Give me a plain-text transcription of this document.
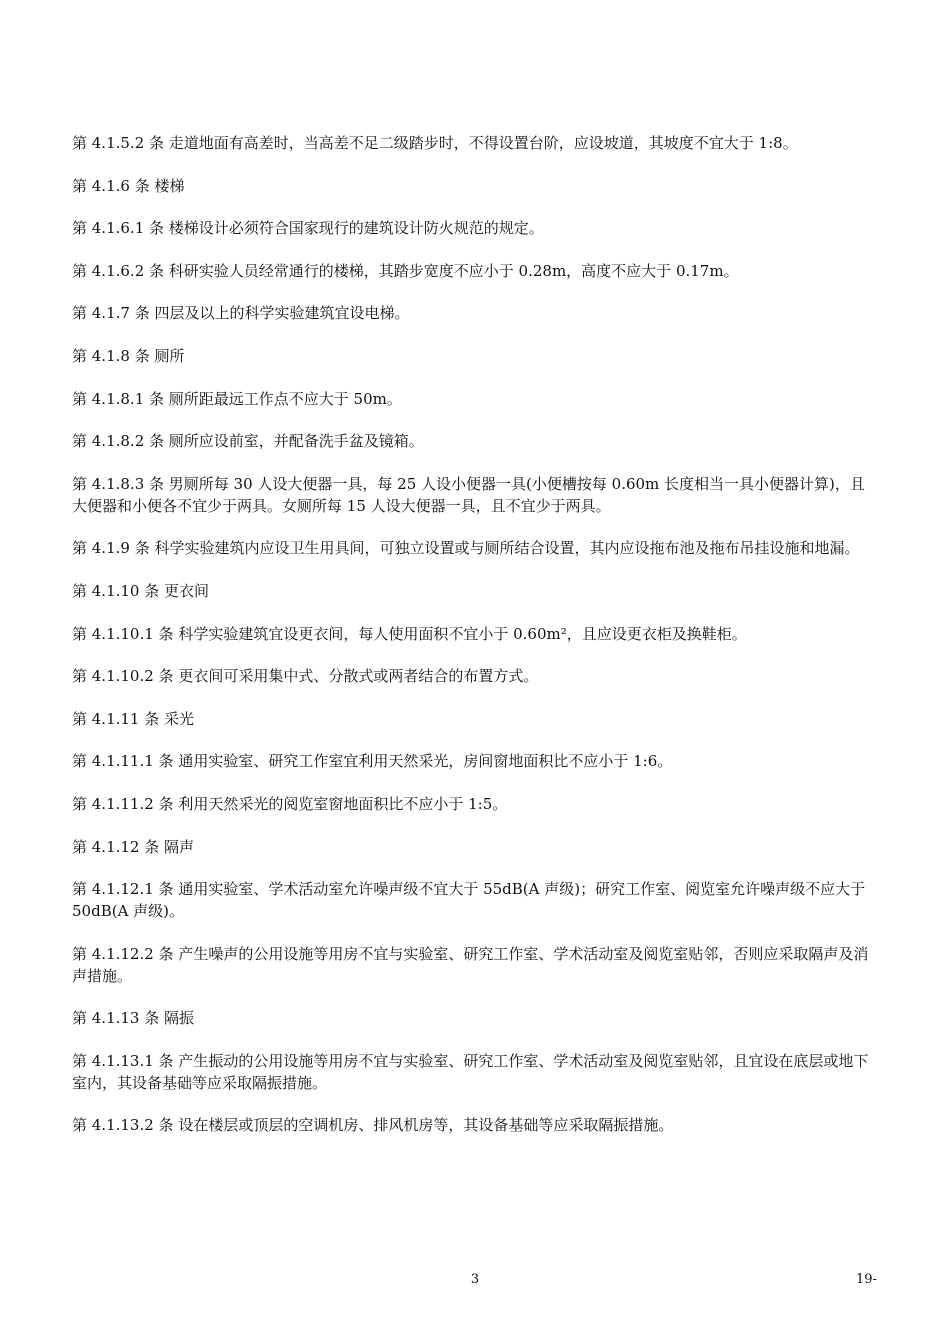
第 4.1.5.2 条 走道地面有高差时，当高差不足二级踏步时，不得设置台阶，应设坡道，其坡度不宜大于 1:8。

第 4.1.6 条 楼梯

第 4.1.6.1 条 楼梯设计必须符合国家现行的建筑设计防火规范的规定。

第 4.1.6.2 条 科研实验人员经常通行的楼梯，其踏步宽度不应小于 0.28m，高度不应大于 0.17m。

第 4.1.7 条 四层及以上的科学实验建筑宜设电梯。

第 4.1.8 条 厕所

第 4.1.8.1 条 厕所距最远工作点不应大于 50m。

第 4.1.8.2 条 厕所应设前室，并配备洗手盆及镜箱。

第 4.1.8.3 条 男厕所每 30 人设大便器一具，每 25 人设小便器一具(小便槽按每 0.60m 长度相当一具小便器计算)，且大便器和小便各不宜少于两具。女厕所每 15 人设大便器一具，且不宜少于两具。

第 4.1.9 条 科学实验建筑内应设卫生用具间，可独立设置或与厕所结合设置，其内应设拖布池及拖布吊挂设施和地漏。

第 4.1.10 条 更衣间

第 4.1.10.1 条 科学实验建筑宜设更衣间，每人使用面积不宜小于 0.60m²，且应设更衣柜及换鞋柜。

第 4.1.10.2 条 更衣间可采用集中式、分散式或两者结合的布置方式。

第 4.1.11 条 采光

第 4.1.11.1 条 通用实验室、研究工作室宜利用天然采光，房间窗地面积比不应小于 1:6。

第 4.1.11.2 条 利用天然采光的阅览室窗地面积比不应小于 1:5。

第 4.1.12 条 隔声

第 4.1.12.1 条 通用实验室、学术活动室允许噪声级不宜大于 55dB(A 声级)；研究工作室、阅览室允许噪声级不应大于 50dB(A 声级)。

第 4.1.12.2 条 产生噪声的公用设施等用房不宜与实验室、研究工作室、学术活动室及阅览室贴邻，否则应采取隔声及消声措施。

第 4.1.13 条 隔振

第 4.1.13.1 条 产生振动的公用设施等用房不宜与实验室、研究工作室、学术活动室及阅览室贴邻，且宜设在底层或地下室内，其设备基础等应采取隔振措施。

第 4.1.13.2 条 设在楼层或顶层的空调机房、排风机房等，其设备基础等应采取隔振措施。

3	19-
